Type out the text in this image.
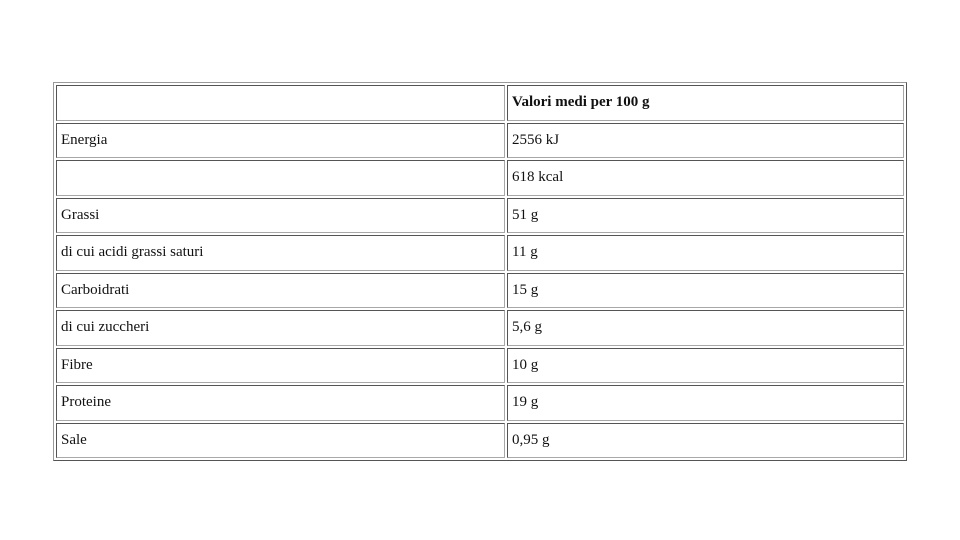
	Valori medi per 100 g
Energia	2556 kJ
	618 kcal
Grassi	51 g
di cui acidi grassi saturi	11 g
Carboidrati	15 g
di cui zuccheri	5,6 g
Fibre	10 g
Proteine	19 g
Sale	0,95 g
